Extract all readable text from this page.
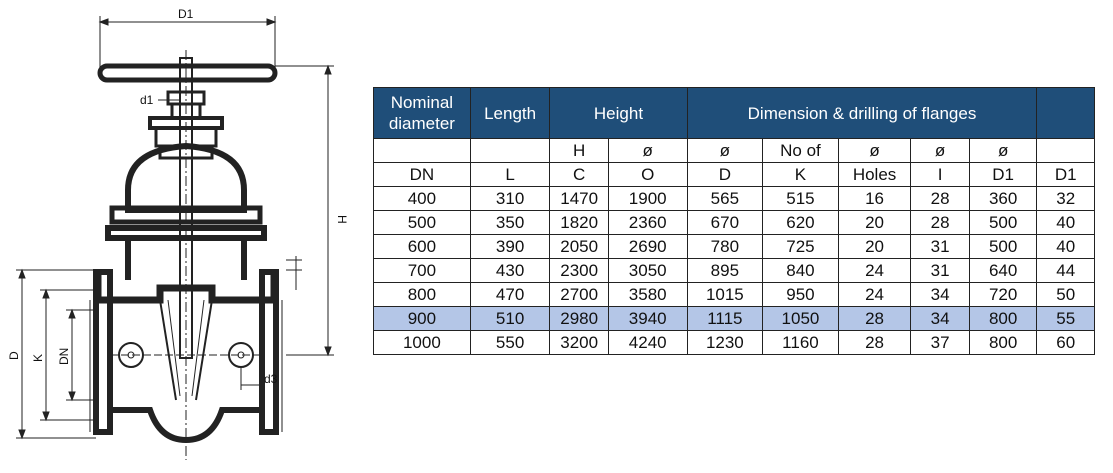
D1
d1
H
D K DN
d3
Nominal diameter	Length	Height		Dimension & drilling of flanges					
		H	ø	ø	No of	ø	ø	ø	
DN	L	C	O	D	K	Holes	I	D1	D1
400	310	1470	1900	565	515	16	28	360	32
500	350	1820	2360	670	620	20	28	500	40
600	390	2050	2690	780	725	20	31	500	40
700	430	2300	3050	895	840	24	31	640	44
800	470	2700	3580	1015	950	24	34	720	50
900	510	2980	3940	1115	1050	28	34	800	55
1000	550	3200	4240	1230	1160	28	37	800	60
